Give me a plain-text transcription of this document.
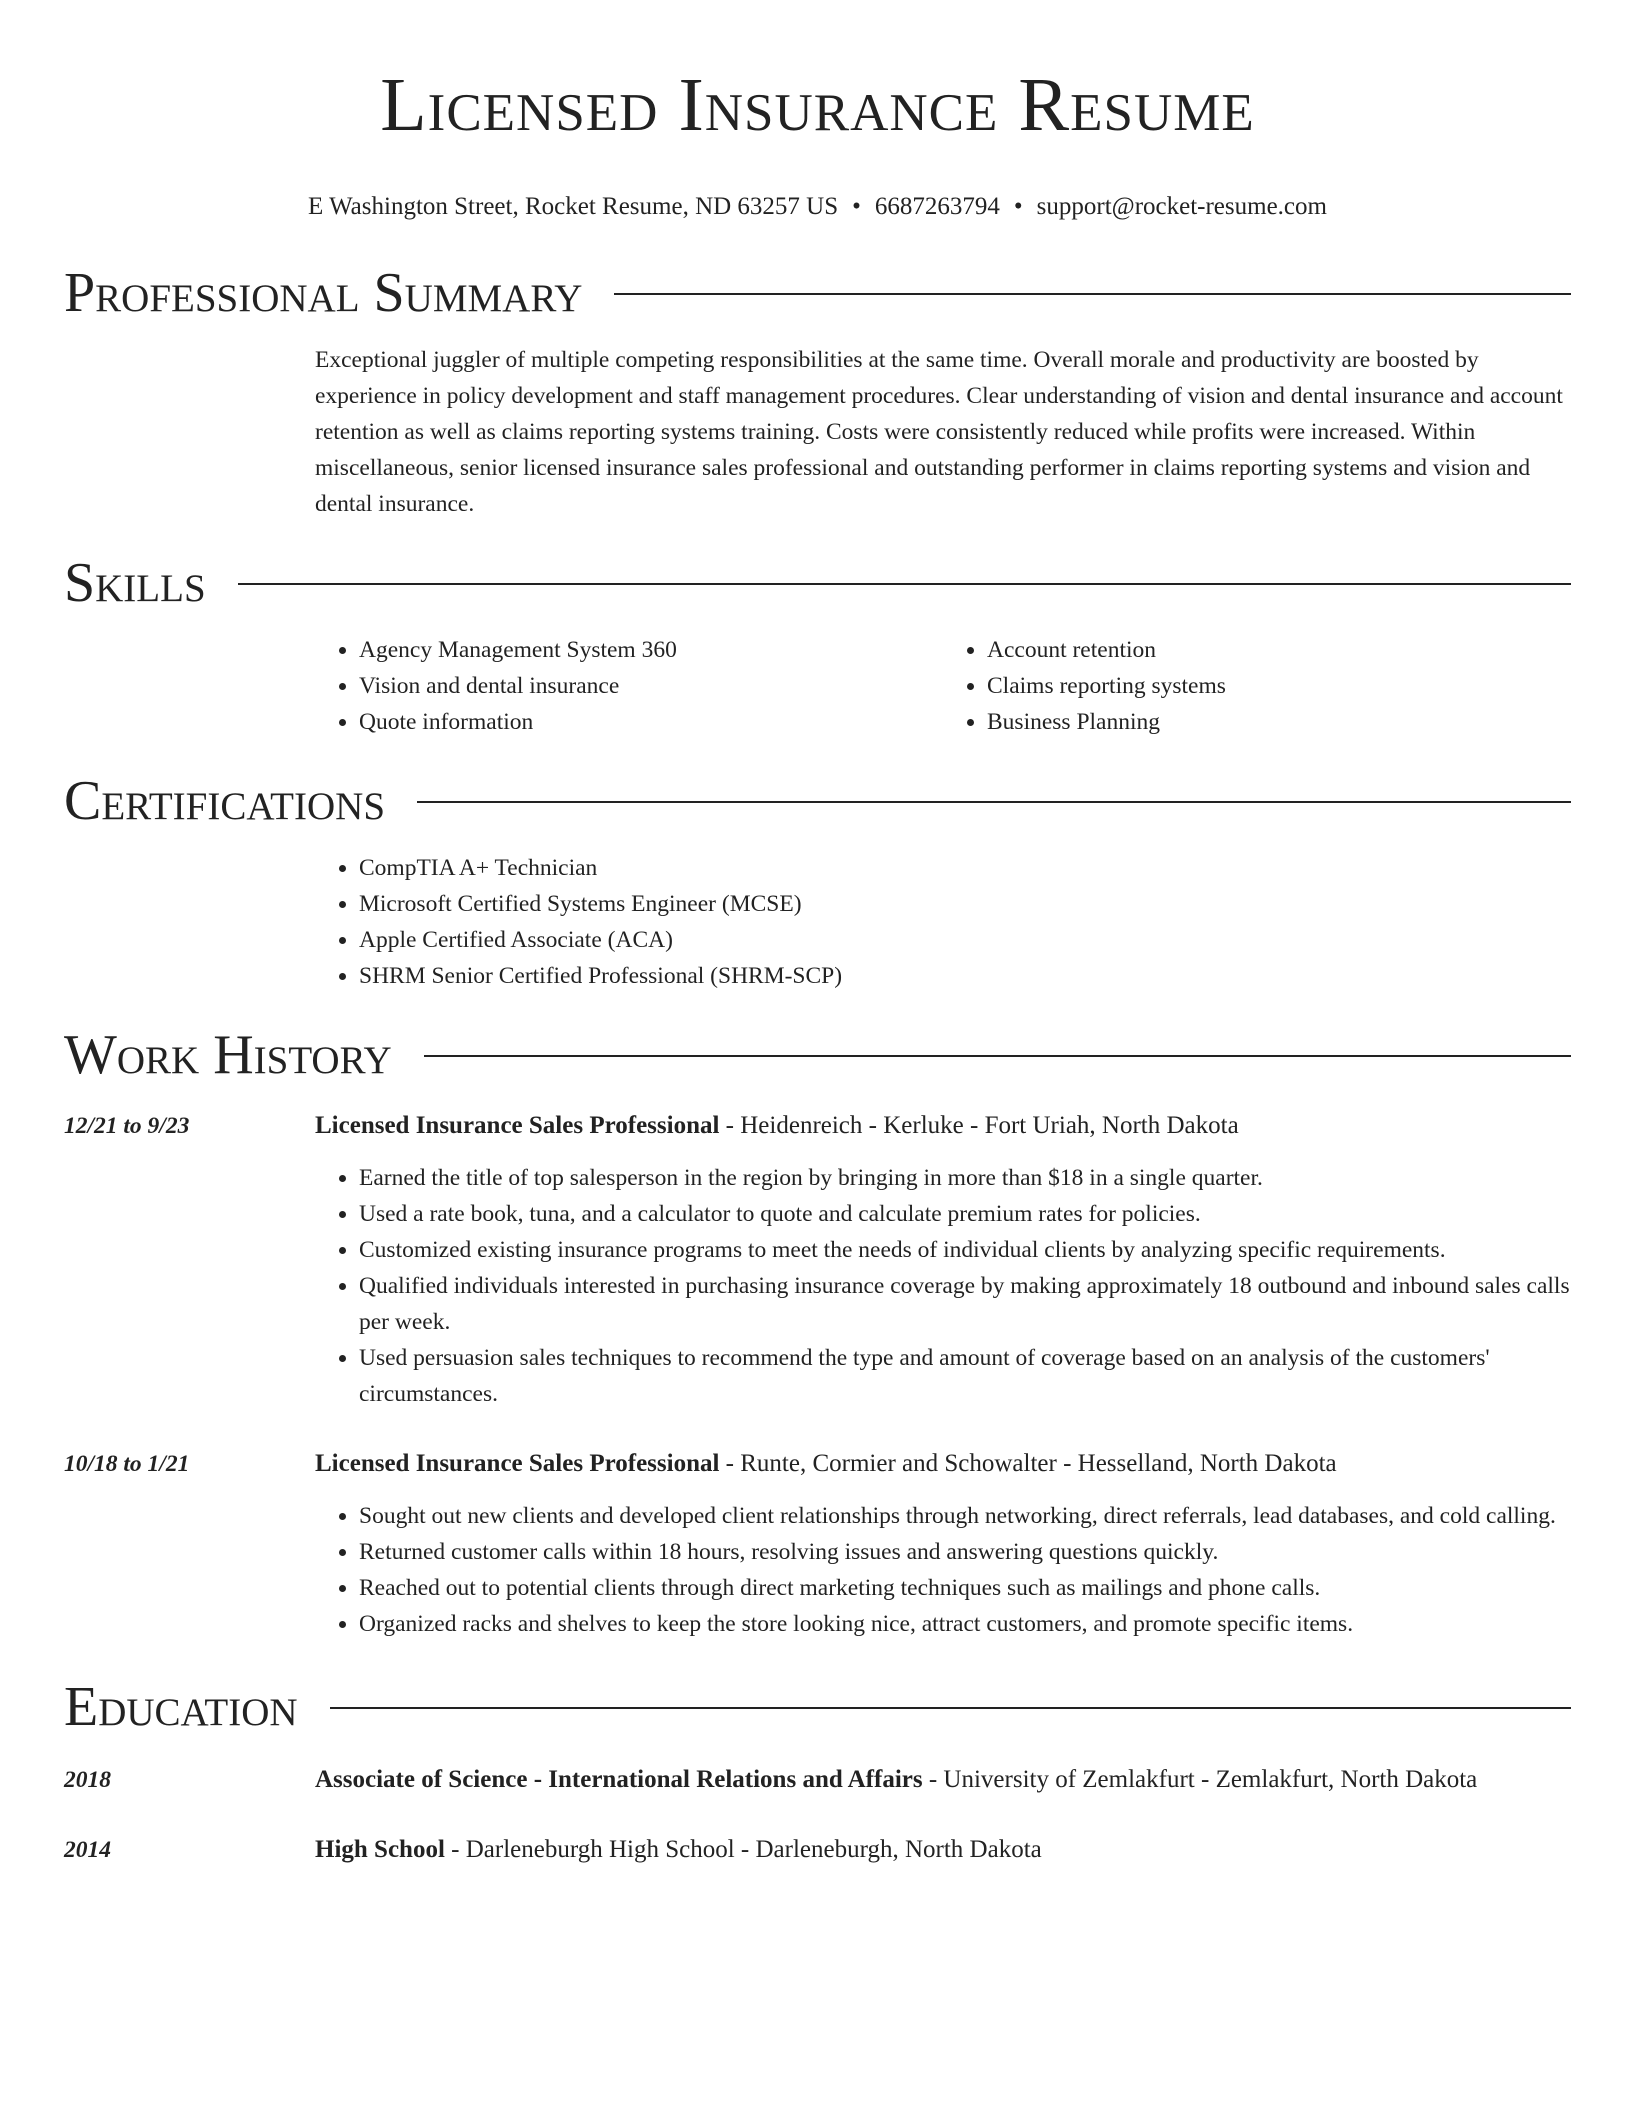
Licensed Insurance Resume
E Washington Street, Rocket Resume, ND 63257 US • 6687263794 • support@rocket-resume.com
Professional Summary
Exceptional juggler of multiple competing responsibilities at the same time. Overall morale and productivity are boosted by experience in policy development and staff management procedures. Clear understanding of vision and dental insurance and account retention as well as claims reporting systems training. Costs were consistently reduced while profits were increased. Within miscellaneous, senior licensed insurance sales professional and outstanding performer in claims reporting systems and vision and dental insurance.
Skills
• Agency Management System 360
• Vision and dental insurance
• Quote information
• Account retention
• Claims reporting systems
• Business Planning
Certifications
• CompTIA A+ Technician
• Microsoft Certified Systems Engineer (MCSE)
• Apple Certified Associate (ACA)
• SHRM Senior Certified Professional (SHRM-SCP)
Work History
12/21 to 9/23	Licensed Insurance Sales Professional - Heidenreich - Kerluke - Fort Uriah, North Dakota
• Earned the title of top salesperson in the region by bringing in more than $18 in a single quarter.
• Used a rate book, tuna, and a calculator to quote and calculate premium rates for policies.
• Customized existing insurance programs to meet the needs of individual clients by analyzing specific requirements.
• Qualified individuals interested in purchasing insurance coverage by making approximately 18 outbound and inbound sales calls per week.
• Used persuasion sales techniques to recommend the type and amount of coverage based on an analysis of the customers' circumstances.
10/18 to 1/21	Licensed Insurance Sales Professional - Runte, Cormier and Schowalter - Hesselland, North Dakota
• Sought out new clients and developed client relationships through networking, direct referrals, lead databases, and cold calling.
• Returned customer calls within 18 hours, resolving issues and answering questions quickly.
• Reached out to potential clients through direct marketing techniques such as mailings and phone calls.
• Organized racks and shelves to keep the store looking nice, attract customers, and promote specific items.
Education
2018	Associate of Science - International Relations and Affairs - University of Zemlakfurt - Zemlakfurt, North Dakota
2014	High School - Darleneburgh High School - Darleneburgh, North Dakota
